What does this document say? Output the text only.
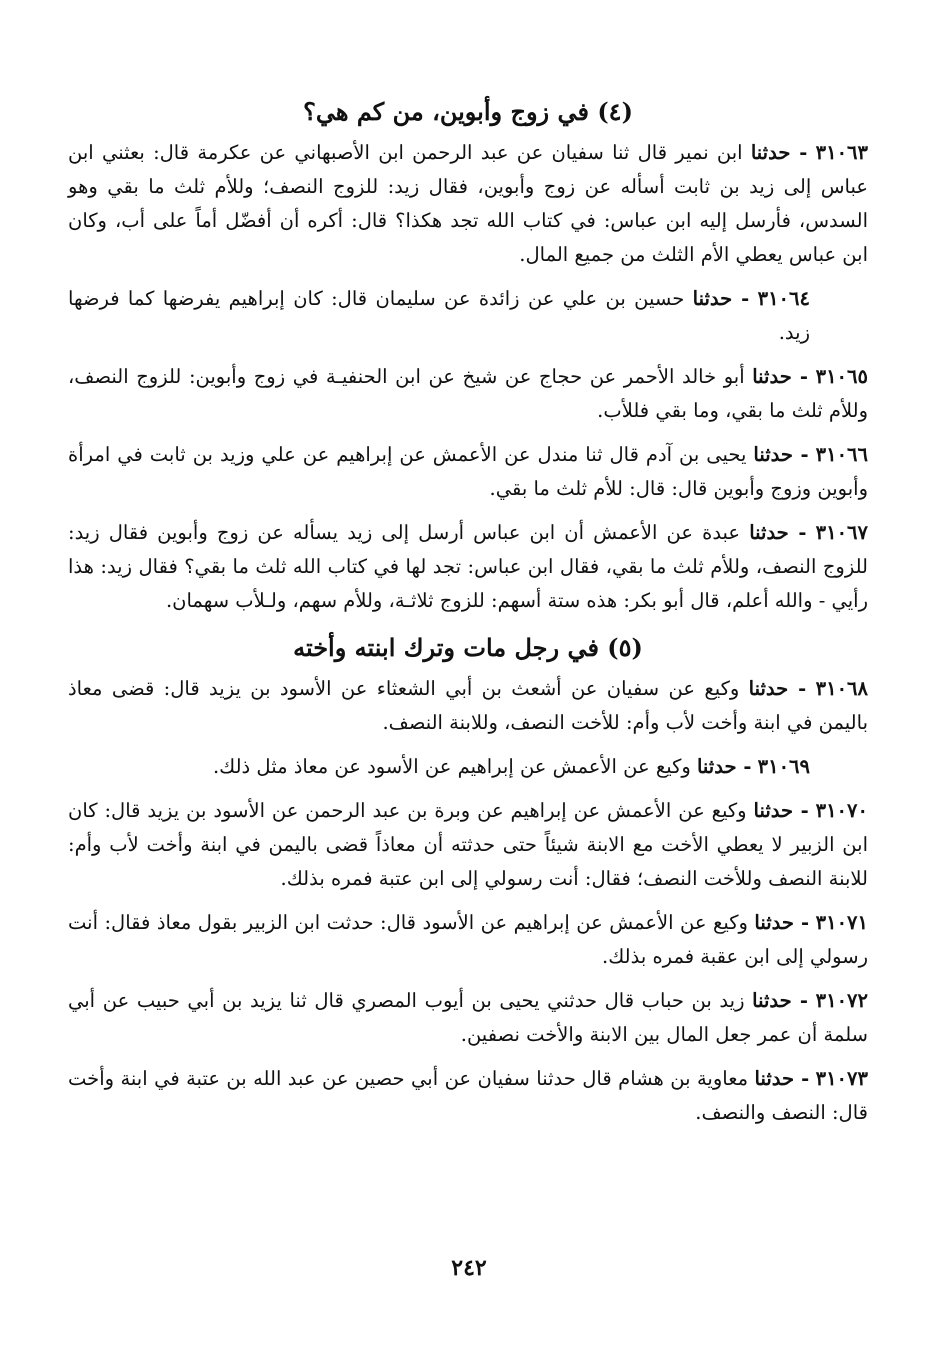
(٤) في زوج وأبوين، من كم هي؟

٣١٠٦٣ - حدثنا ابن نمير قال ثنا سفيان عن عبد الرحمن ابن الأصبهاني عن عكرمة قال: بعثني ابن عباس إلى زيد بن ثابت أسأله عن زوج وأبوين، فقال زيد: للزوج النصف؛ وللأم ثلث ما بقي وهو السدس، فأرسل إليه ابن عباس: في كتاب الله تجد هكذا؟ قال: أكره أن أفضّل أماً على أب، وكان ابن عباس يعطي الأم الثلث من جميع المال.

٣١٠٦٤ - حدثنا حسين بن علي عن زائدة عن سليمان قال: كان إبراهيم يفرضها كما فرضها زيد.

٣١٠٦٥ - حدثنا أبو خالد الأحمر عن حجاج عن شيخ عن ابن الحنفيـة في زوج وأبوين: للزوج النصف، وللأم ثلث ما بقي، وما بقي فللأب.

٣١٠٦٦ - حدثنا يحيى بن آدم قال ثنا مندل عن الأعمش عن إبراهيم عن علي وزيد بن ثابت في امرأة وأبوين وزوج وأبوين قال: قال: للأم ثلث ما بقي.

٣١٠٦٧ - حدثنا عبدة عن الأعمش أن ابن عباس أرسل إلى زيد يسأله عن زوج وأبوين فقال زيد: للزوج النصف، وللأم ثلث ما بقي، فقال ابن عباس: تجد لها في كتاب الله ثلث ما بقي؟ فقال زيد: هذا رأيي - والله أعلم، قال أبو بكر: هذه ستة أسهم: للزوج ثلاثـة، وللأم سهم، ولـلأب سهمان.

(٥) في رجل مات وترك ابنته وأخته

٣١٠٦٨ - حدثنا وكيع عن سفيان عن أشعث بن أبي الشعثاء عن الأسود بن يزيد قال: قضى معاذ باليمن في ابنة وأخت لأب وأم: للأخت النصف، وللابنة النصف.

٣١٠٦٩ - حدثنا وكيع عن الأعمش عن إبراهيم عن الأسود عن معاذ مثل ذلك.

٣١٠٧٠ - حدثنا وكيع عن الأعمش عن إبراهيم عن وبرة بن عبد الرحمن عن الأسود بن يزيد قال: كان ابن الزبير لا يعطي الأخت مع الابنة شيئاً حتى حدثته أن معاذاً قضى باليمن في ابنة وأخت لأب وأم: للابنة النصف وللأخت النصف؛ فقال: أنت رسولي إلى ابن عتبة فمره بذلك.

٣١٠٧١ - حدثنا وكيع عن الأعمش عن إبراهيم عن الأسود قال: حدثت ابن الزبير بقول معاذ فقال: أنت رسولي إلى ابن عقبة فمره بذلك.

٣١٠٧٢ - حدثنا زيد بن حباب قال حدثني يحيى بن أيوب المصري قال ثنا يزيد بن أبي حبيب عن أبي سلمة أن عمر جعل المال بين الابنة والأخت نصفين.

٣١٠٧٣ - حدثنا معاوية بن هشام قال حدثنا سفيان عن أبي حصين عن عبد الله بن عتبة في ابنة وأخت قال: النصف والنصف.

٢٤٢
